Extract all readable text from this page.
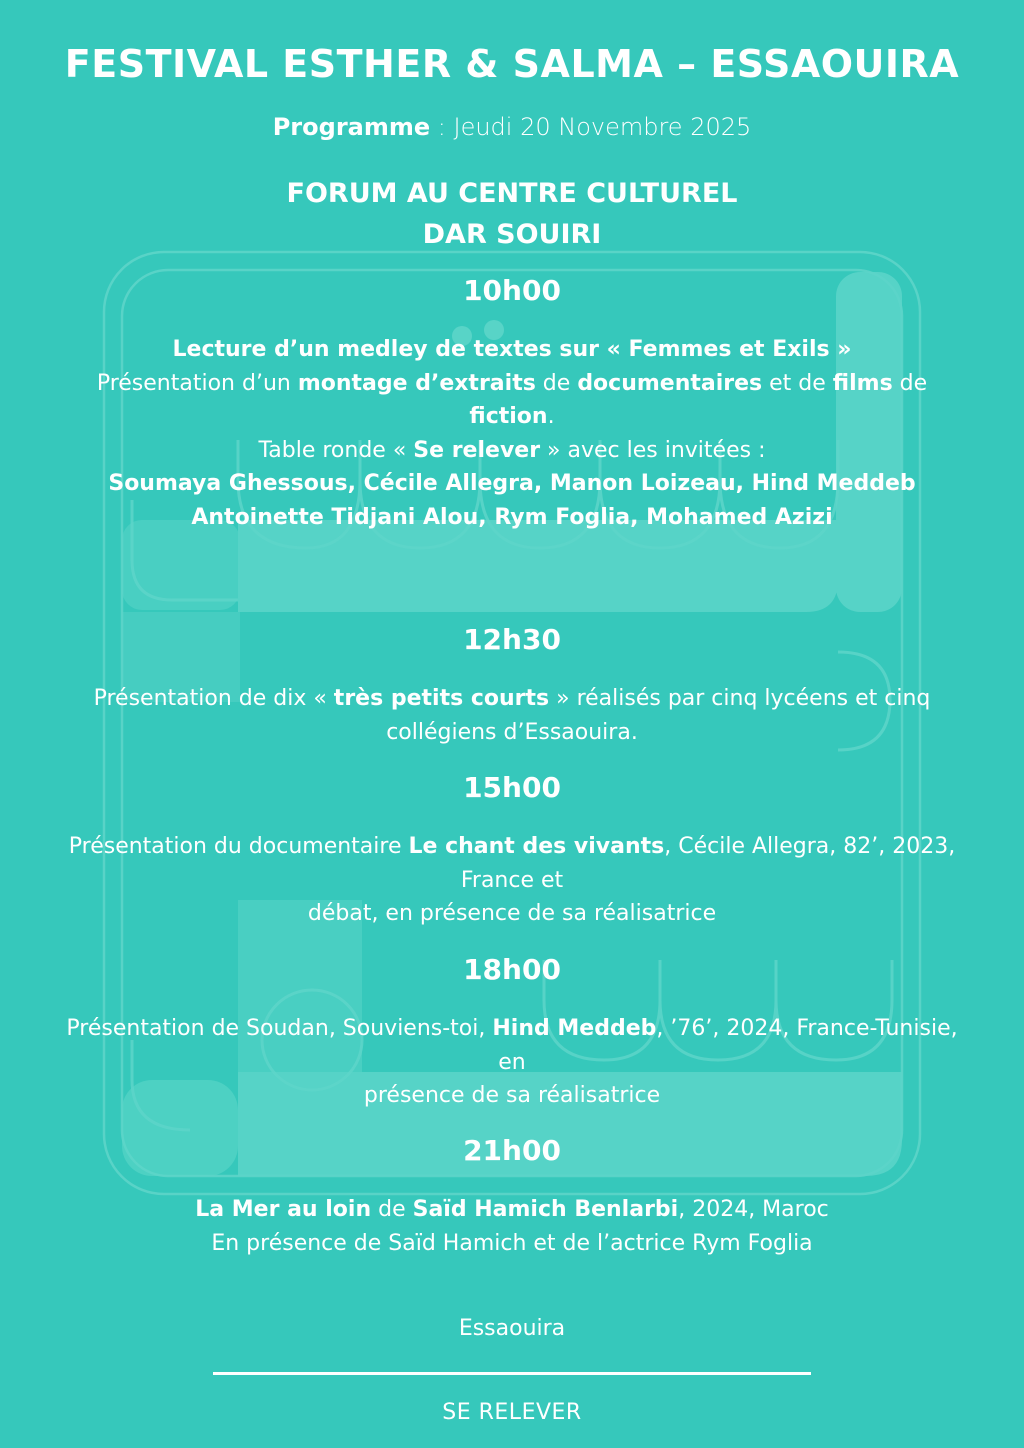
FESTIVAL ESTHER & SALMA – ESSAOUIRA

Programme : Jeudi 20 Novembre 2025

FORUM AU CENTRE CULTUREL
DAR SOUIRI
10h00
Lecture d’un medley de textes sur « Femmes et Exils »
Présentation d’un montage d’extraits de documentaires et de films de fiction.
Table ronde « Se relever » avec les invitées :
Soumaya Ghessous, Cécile Allegra, Manon Loizeau, Hind Meddeb
Antoinette Tidjani Alou, Rym Foglia, Mohamed Azizi
12h30
Présentation de dix « très petits courts » réalisés par cinq lycéens et cinq collégiens d’Essaouira.
15h00
Présentation du documentaire Le chant des vivants, Cécile Allegra, 82’, 2023, France et
débat, en présence de sa réalisatrice
18h00
Présentation de Soudan, Souviens-toi, Hind Meddeb, ’76’, 2024, France-Tunisie, en
présence de sa réalisatrice
21h00
La Mer au loin de Saïd Hamich Benlarbi, 2024, Maroc
En présence de Saïd Hamich et de l’actrice Rym Foglia
Essaouira
SE RELEVER
